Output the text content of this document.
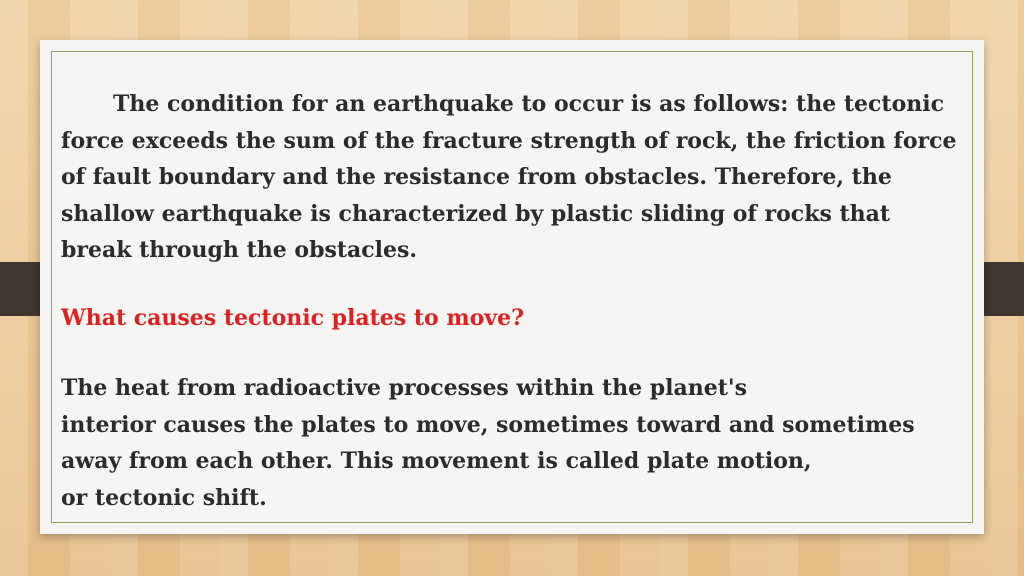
The condition for an earthquake to occur is as follows: the tectonic force exceeds the sum of the fracture strength of rock, the friction force of fault boundary and the resistance from obstacles. Therefore, the shallow earthquake is characterized by plastic sliding of rocks that break through the obstacles.

What causes tectonic plates to move?

The heat from radioactive processes within the planet's
interior causes the plates to move, sometimes toward and sometimes
away from each other. This movement is called plate motion,
or tectonic shift.
